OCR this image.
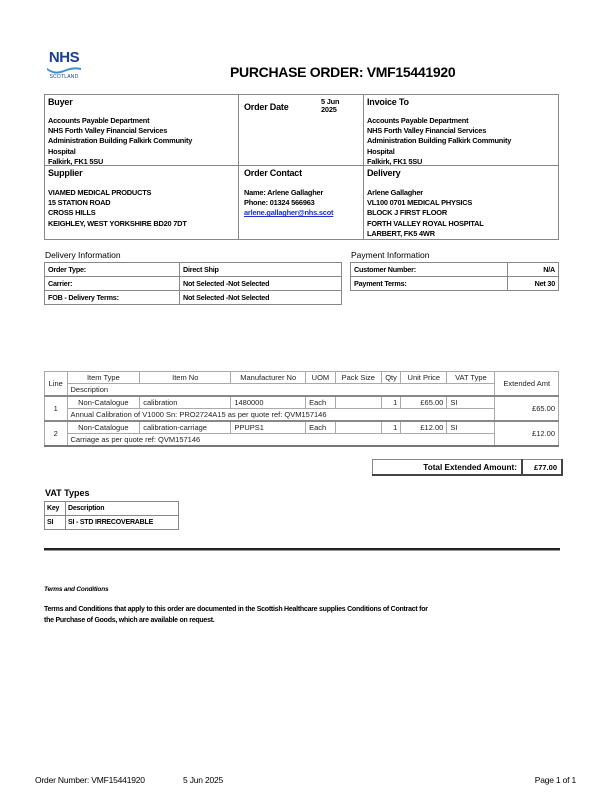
NHS
SCOTLAND	PURCHASE ORDER: VMF15441920
Buyer
Accounts Payable Department
NHS Forth Valley Financial Services
Administration Building Falkirk Community
Hospital
Falkirk, FK1 5SU
Order Date
5 Jun
2025
Invoice To
Accounts Payable Department
NHS Forth Valley Financial Services
Administration Building Falkirk Community
Hospital
Falkirk, FK1 5SU
Supplier
VIAMED MEDICAL PRODUCTS
15 STATION ROAD
CROSS HILLS
KEIGHLEY, WEST YORKSHIRE BD20 7DT
Order Contact
Name: Arlene Gallagher
Phone: 01324 566963
arlene.gallagher@nhs.scot
Delivery
Arlene Gallagher
VL100 0701 MEDICAL PHYSICS
BLOCK J FIRST FLOOR
FORTH VALLEY ROYAL HOSPITAL
LARBERT, FK5 4WR
Delivery Information
Order Type:	Direct Ship
Carrier:	Not Selected -Not Selected
FOB - Delivery Terms:	Not Selected -Not Selected
Payment Information
Customer Number:	N/A
Payment Terms:	Net 30
Line	Item Type	Item No	Manufacturer No	UOM	Pack Size	Qty	Unit Price	VAT Type	Extended Amt
	Description								
1	Non-Catalogue	calibration	1480000	Each		1	£65.00	SI	£65.00
	Annual Calibration of V1000 Sn: PRO2724A15 as per quote ref: QVM157146								
2	Non-Catalogue	calibration-carriage	PPUPS1	Each		1	£12.00	SI	£12.00
	Carriage as per quote ref: QVM157146								
Total Extended Amount:	£77.00
VAT Types
Key	Description
SI	SI - STD IRRECOVERABLE
Terms and Conditions
Terms and Conditions that apply to this order are documented in the Scottish Healthcare supplies Conditions of Contract for
the Purchase of Goods, which are available on request.
Order Number: VMF15441920	5 Jun 2025	Page 1 of 1
